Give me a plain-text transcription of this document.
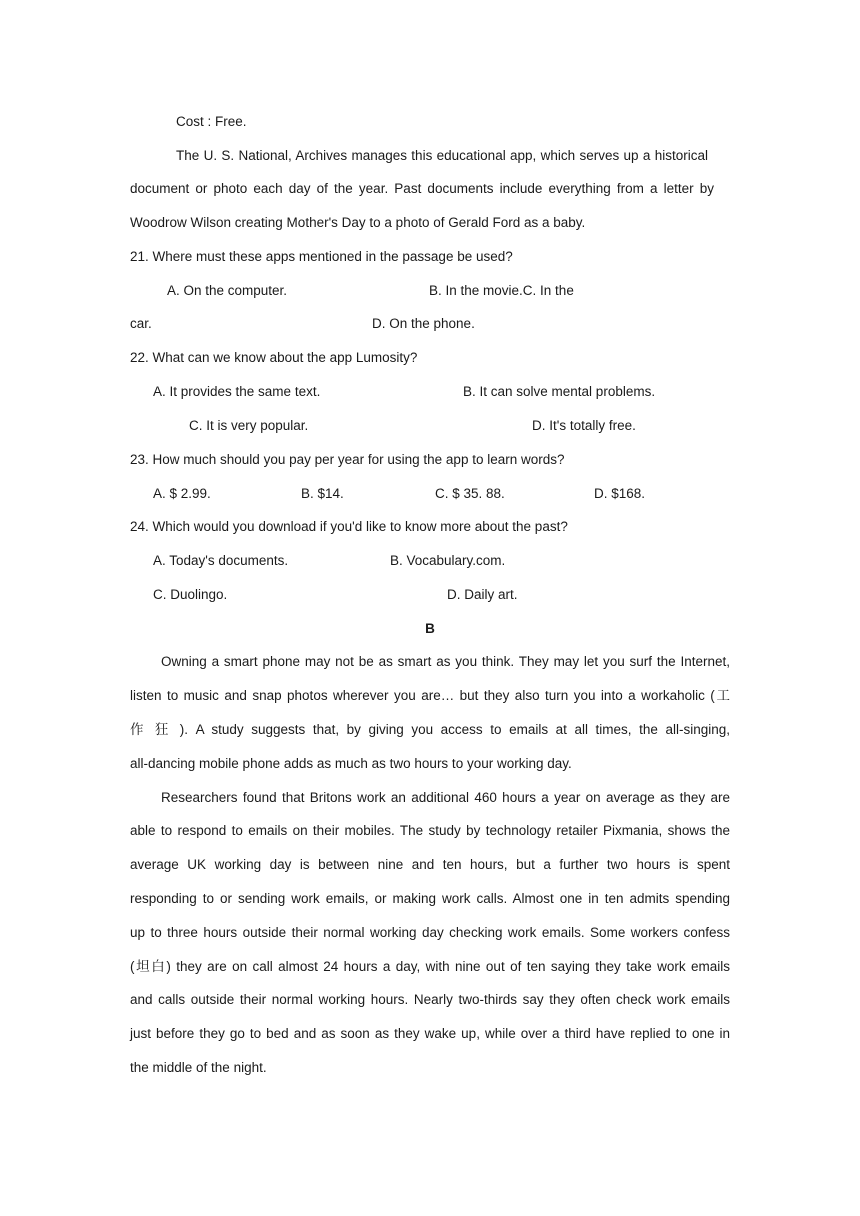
Cost : Free.
The U. S. National, Archives manages this educational app, which serves up a historical
document or photo each day of the year. Past documents include everything from a letter by
Woodrow Wilson creating Mother's Day to a photo of Gerald Ford as a baby.
21. Where must these apps mentioned in the passage be used?
A. On the computer.	B. In the movie.C. In the
car.	D. On the phone.
22. What can we know about the app Lumosity?
A. It provides the same text.	B. It can solve mental problems.
C. It is very popular.	D. It's totally free.
23. How much should you pay per year for using the app to learn words?
A. $ 2.99.	B. $14.	C. $ 35. 88.	D. $168.
24. Which would you download if you'd like to know more about the past?
A. Today's documents.	B. Vocabulary.com.
C. Duolingo.	D. Daily art.
B
Owning a smart phone may not be as smart as you think. They may let you surf the Internet,
listen to music and snap photos wherever you are… but they also turn you into a workaholic (工
作 狂 ). A study suggests that, by giving you access to emails at all times, the all-singing,
all-dancing mobile phone adds as much as two hours to your working day.
Researchers found that Britons work an additional 460 hours a year on average as they are
able to respond to emails on their mobiles. The study by technology retailer Pixmania, shows the
average UK working day is between nine and ten hours, but a further two hours is spent
responding to or sending work emails, or making work calls. Almost one in ten admits spending
up to three hours outside their normal working day checking work emails. Some workers confess
(坦白) they are on call almost 24 hours a day, with nine out of ten saying they take work emails
and calls outside their normal working hours. Nearly two-thirds say they often check work emails
just before they go to bed and as soon as they wake up, while over a third have replied to one in
the middle of the night.
